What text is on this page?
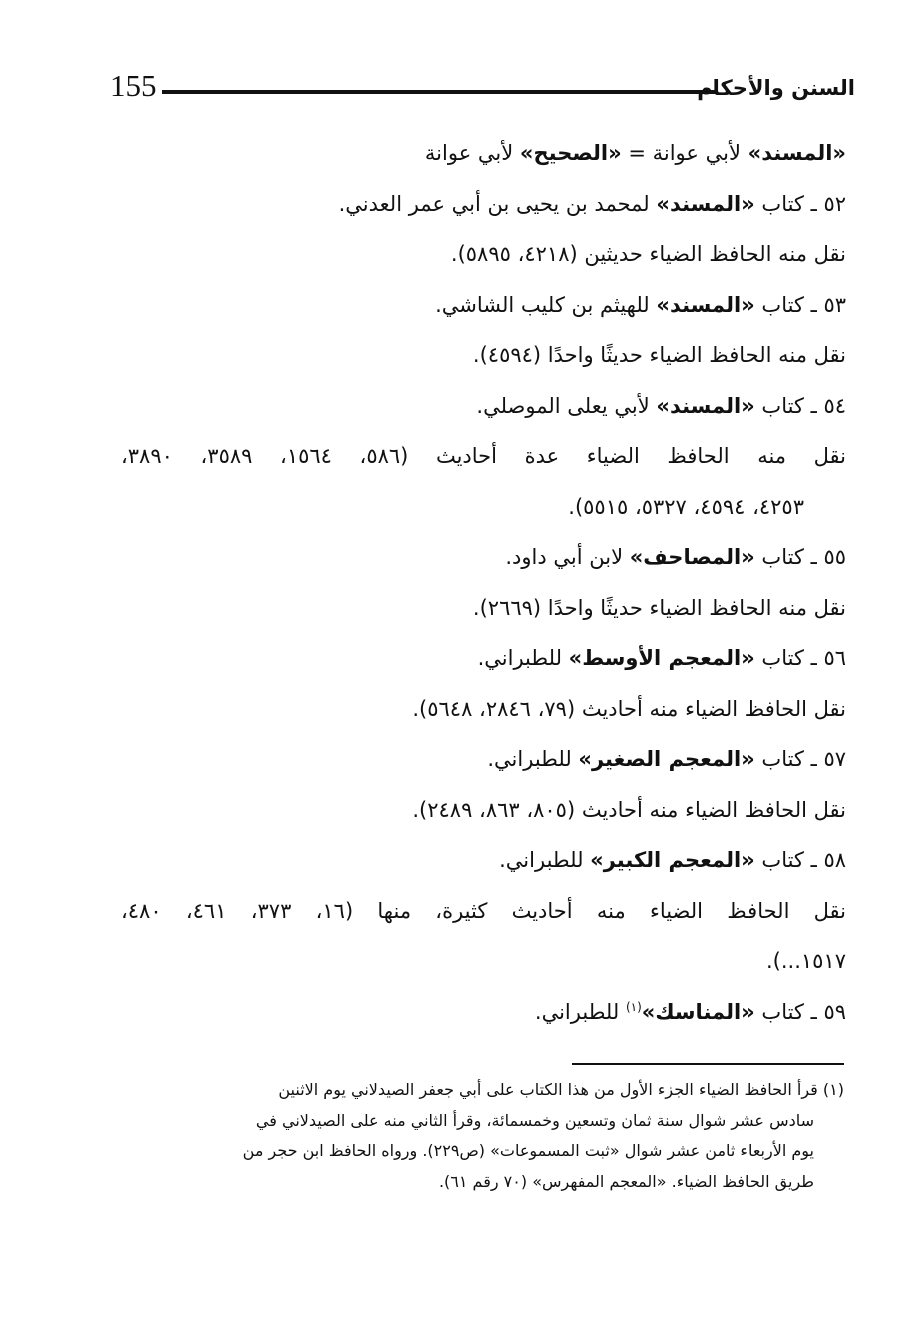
155	السنن والأحكام
«المسند» لأبي عوانة = «الصحيح» لأبي عوانة
٥٢ ـ كتاب «المسند» لمحمد بن يحيى بن أبي عمر العدني.
نقل منه الحافظ الضياء حديثين (٤٢١٨، ٥٨٩٥).
٥٣ ـ كتاب «المسند» للهيثم بن كليب الشاشي.
نقل منه الحافظ الضياء حديثًا واحدًا (٤٥٩٤).
٥٤ ـ كتاب «المسند» لأبي يعلى الموصلي.
نقل منه الحافظ الضياء عدة أحاديث (٥٨٦، ١٥٦٤، ٣٥٨٩، ٣٨٩٠،
٤٢٥٣، ٤٥٩٤، ٥٣٢٧، ٥٥١٥).
٥٥ ـ كتاب «المصاحف» لابن أبي داود.
نقل منه الحافظ الضياء حديثًا واحدًا (٢٦٦٩).
٥٦ ـ كتاب «المعجم الأوسط» للطبراني.
نقل الحافظ الضياء منه أحاديث (٧٩، ٢٨٤٦، ٥٦٤٨).
٥٧ ـ كتاب «المعجم الصغير» للطبراني.
نقل الحافظ الضياء منه أحاديث (٨٠٥، ٨٦٣، ٢٤٨٩).
٥٨ ـ كتاب «المعجم الكبير» للطبراني.
نقل الحافظ الضياء منه أحاديث كثيرة، منها (١٦، ٣٧٣، ٤٦١، ٤٨٠،
١٥١٧...).
٥٩ ـ كتاب «المناسك»$^{(١)}$ للطبراني.
(١) قرأ الحافظ الضياء الجزء الأول من هذا الكتاب على أبي جعفر الصيدلاني يوم الاثنين
سادس عشر شوال سنة ثمان وتسعين وخمسمائة، وقرأ الثاني منه على الصيدلاني في
يوم الأربعاء ثامن عشر شوال «ثبت المسموعات» (ص٢٢٩). ورواه الحافظ ابن حجر من
طريق الحافظ الضياء. «المعجم المفهرس» (٧٠ رقم ٦١).
